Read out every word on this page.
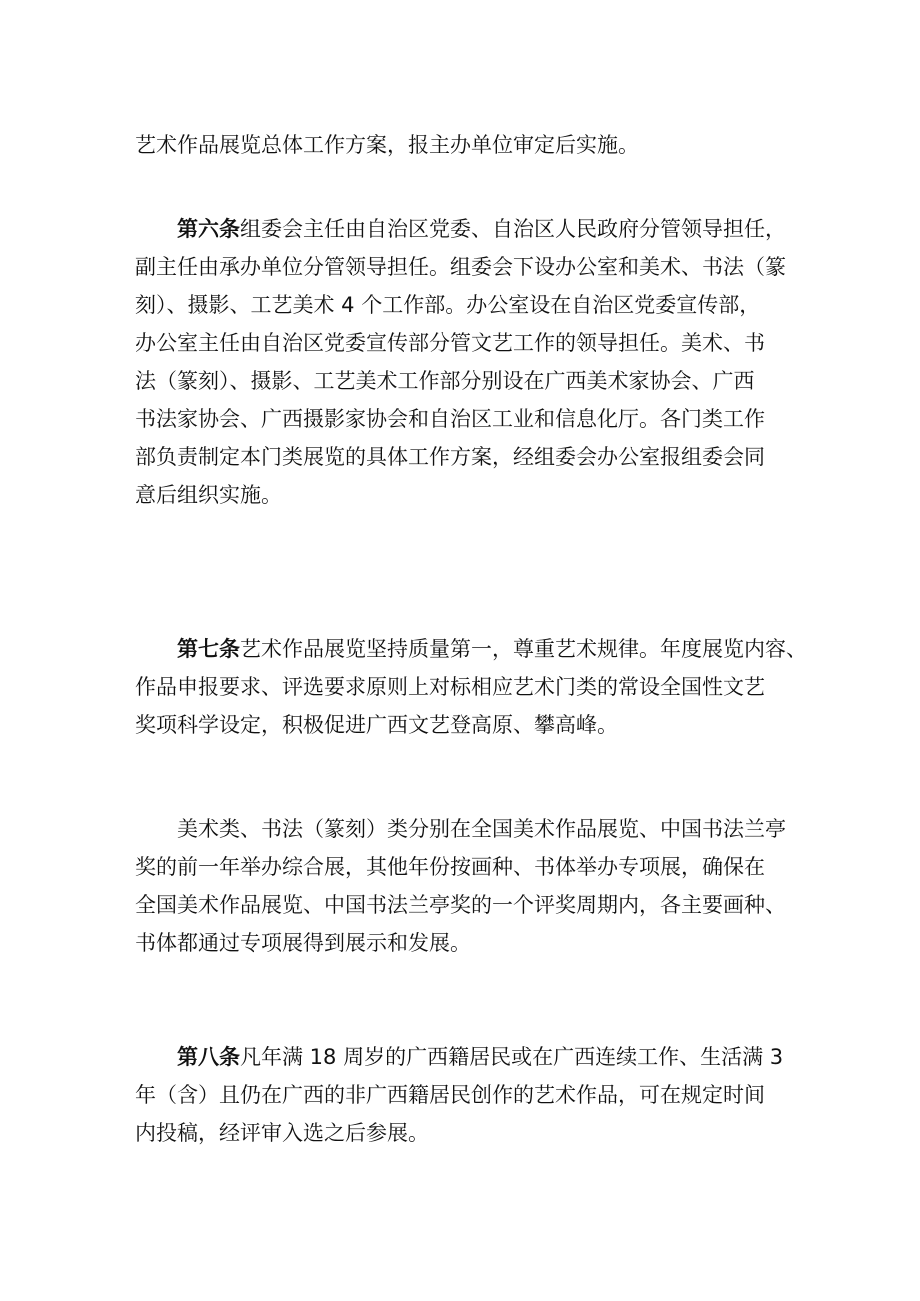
艺术作品展览总体工作方案，报主办单位审定后实施。
第六条组委会主任由自治区党委、自治区人民政府分管领导担任，
副主任由承办单位分管领导担任。组委会下设办公室和美术、书法（篆
刻）、摄影、工艺美术 4 个工作部。办公室设在自治区党委宣传部，
办公室主任由自治区党委宣传部分管文艺工作的领导担任。美术、书
法（篆刻）、摄影、工艺美术工作部分别设在广西美术家协会、广西
书法家协会、广西摄影家协会和自治区工业和信息化厅。各门类工作
部负责制定本门类展览的具体工作方案，经组委会办公室报组委会同
意后组织实施。
第七条艺术作品展览坚持质量第一，尊重艺术规律。年度展览内容、
作品申报要求、评选要求原则上对标相应艺术门类的常设全国性文艺
奖项科学设定，积极促进广西文艺登高原、攀高峰。
美术类、书法（篆刻）类分别在全国美术作品展览、中国书法兰亭
奖的前一年举办综合展，其他年份按画种、书体举办专项展，确保在
全国美术作品展览、中国书法兰亭奖的一个评奖周期内，各主要画种、
书体都通过专项展得到展示和发展。
第八条凡年满 18 周岁的广西籍居民或在广西连续工作、生活满 3
年（含）且仍在广西的非广西籍居民创作的艺术作品，可在规定时间
内投稿，经评审入选之后参展。
